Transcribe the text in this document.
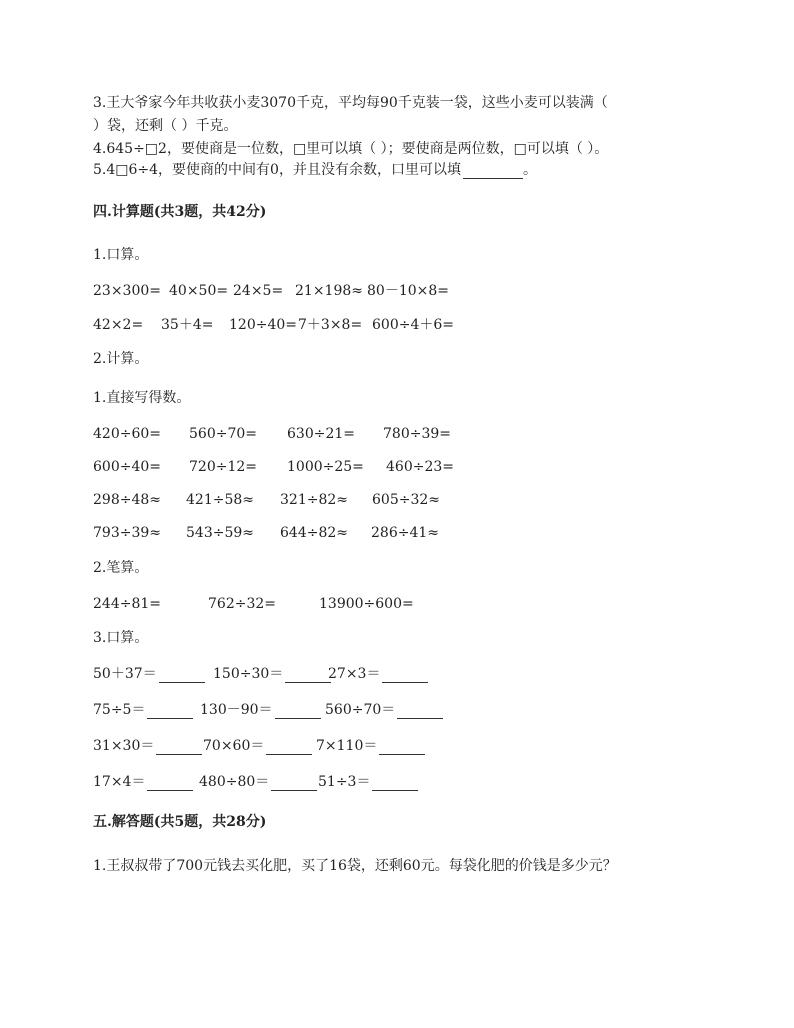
3.王大爷家今年共收获小麦3070千克，平均每90千克装一袋，这些小麦可以装满（
）袋，还剩（ ）千克。
4.645÷□2，要使商是一位数，□里可以填（ ）；要使商是两位数，□可以填（ ）。
5.4□6÷4，要使商的中间有0，并且没有余数，口里可以填	。
四.计算题(共3题，共42分)
1.口算。
23×300= 40×50= 24×5= 21×198≈ 80－10×8=
42×2= 35＋4= 120÷40= 7＋3×8= 600÷4＋6=
2.计算。
1.直接写得数。
420÷60= 560÷70= 630÷21= 780÷39=
600÷40= 720÷12= 1000÷25= 460÷23=
298÷48≈ 421÷58≈ 321÷82≈ 605÷32≈
793÷39≈ 543÷59≈ 644÷82≈ 286÷41≈
2.笔算。
244÷81=	762÷32=	13900÷600=
3.口算。
50＋37＝	150÷30＝	27×3＝
75÷5＝	130－90＝	560÷70＝
31×30＝	70×60＝	7×110＝
17×4＝	480÷80＝	51÷3＝
五.解答题(共5题，共28分)
1.王叔叔带了700元钱去买化肥，买了16袋，还剩60元。每袋化肥的价钱是多少元？
